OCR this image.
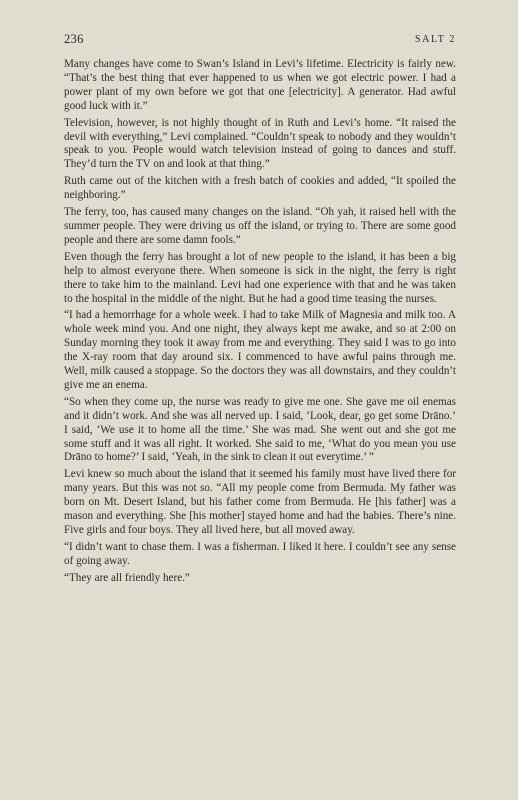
236	SALT 2

Many changes have come to Swan’s Island in Levi’s lifetime. Electricity is fairly new. “That’s the best thing that ever happened to us when we got electric power. I had a power plant of my own before we got that one [electricity]. A generator. Had awful good luck with it.”

Television, however, is not highly thought of in Ruth and Levi’s home. “It raised the devil with everything,” Levi complained. “Couldn’t speak to nobody and they wouldn’t speak to you. People would watch television instead of going to dances and stuff. They’d turn the TV on and look at that thing.”

Ruth came out of the kitchen with a fresh batch of cookies and added, “It spoiled the neighboring.”

The ferry, too, has caused many changes on the island. “Oh yah, it raised hell with the summer people. They were driving us off the island, or trying to. There are some good people and there are some damn fools.”

Even though the ferry has brought a lot of new people to the island, it has been a big help to almost everyone there. When someone is sick in the night, the ferry is right there to take him to the mainland. Levi had one experience with that and he was taken to the hospital in the middle of the night. But he had a good time teasing the nurses.

“I had a hemorrhage for a whole week. I had to take Milk of Magnesia and milk too. A whole week mind you. And one night, they always kept me awake, and so at 2:00 on Sunday morning they took it away from me and everything. They said I was to go into the X-ray room that day around six. I commenced to have awful pains through me. Well, milk caused a stoppage. So the doctors they was all downstairs, and they couldn’t give me an enema.

“So when they come up, the nurse was ready to give me one. She gave me oil enemas and it didn’t work. And she was all nerved up. I said, ‘Look, dear, go get some Drāno.’ I said, ‘We use it to home all the time.’ She was mad. She went out and she got me some stuff and it was all right. It worked. She said to me, ‘What do you mean you use Drāno to home?’ I said, ‘Yeah, in the sink to clean it out everytime.’ ”

Levi knew so much about the island that it seemed his family must have lived there for many years. But this was not so. “All my people come from Bermuda. My father was born on Mt. Desert Island, but his father come from Bermuda. He [his father] was a mason and everything. She [his mother] stayed home and had the babies. There’s nine. Five girls and four boys. They all lived here, but all moved away.

“I didn’t want to chase them. I was a fisherman. I liked it here. I couldn’t see any sense of going away.

“They are all friendly here.”
